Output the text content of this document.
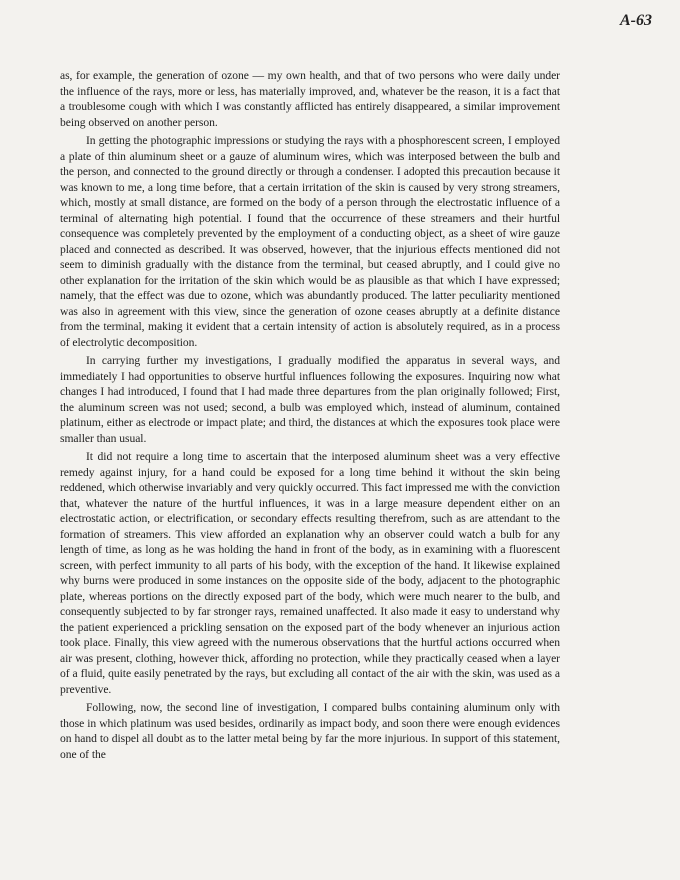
A-63

as, for example, the generation of ozone — my own health, and that of two persons who were daily under the influence of the rays, more or less, has materially improved, and, whatever be the reason, it is a fact that a troublesome cough with which I was constantly afflicted has entirely disappeared, a similar improvement being observed on another person.

In getting the photographic impressions or studying the rays with a phosphorescent screen, I employed a plate of thin aluminum sheet or a gauze of aluminum wires, which was interposed between the bulb and the person, and connected to the ground directly or through a condenser. I adopted this precaution because it was known to me, a long time before, that a certain irritation of the skin is caused by very strong streamers, which, mostly at small distance, are formed on the body of a person through the electrostatic influence of a terminal of alternating high potential. I found that the occurrence of these streamers and their hurtful consequence was completely prevented by the employment of a conducting object, as a sheet of wire gauze placed and connected as described. It was observed, however, that the injurious effects mentioned did not seem to diminish gradually with the distance from the terminal, but ceased abruptly, and I could give no other explanation for the irritation of the skin which would be as plausible as that which I have expressed; namely, that the effect was due to ozone, which was abundantly produced. The latter peculiarity mentioned was also in agreement with this view, since the generation of ozone ceases abruptly at a definite distance from the terminal, making it evident that a certain intensity of action is absolutely required, as in a process of electrolytic decomposition.

In carrying further my investigations, I gradually modified the apparatus in several ways, and immediately I had opportunities to observe hurtful influences following the exposures. Inquiring now what changes I had introduced, I found that I had made three departures from the plan originally followed; First, the aluminum screen was not used; second, a bulb was employed which, instead of aluminum, contained platinum, either as electrode or impact plate; and third, the distances at which the exposures took place were smaller than usual.

It did not require a long time to ascertain that the interposed aluminum sheet was a very effective remedy against injury, for a hand could be exposed for a long time behind it without the skin being reddened, which otherwise invariably and very quickly occurred. This fact impressed me with the conviction that, whatever the nature of the hurtful influences, it was in a large measure dependent either on an electrostatic action, or electrification, or secondary effects resulting therefrom, such as are attendant to the formation of streamers. This view afforded an explanation why an observer could watch a bulb for any length of time, as long as he was holding the hand in front of the body, as in examining with a fluorescent screen, with perfect immunity to all parts of his body, with the exception of the hand. It likewise explained why burns were produced in some instances on the opposite side of the body, adjacent to the photographic plate, whereas portions on the directly exposed part of the body, which were much nearer to the bulb, and consequently subjected to by far stronger rays, remained unaffected. It also made it easy to understand why the patient experienced a prickling sensation on the exposed part of the body whenever an injurious action took place. Finally, this view agreed with the numerous observations that the hurtful actions occurred when air was present, clothing, however thick, affording no protection, while they practically ceased when a layer of a fluid, quite easily penetrated by the rays, but excluding all contact of the air with the skin, was used as a preventive.

Following, now, the second line of investigation, I compared bulbs containing aluminum only with those in which platinum was used besides, ordinarily as impact body, and soon there were enough evidences on hand to dispel all doubt as to the latter metal being by far the more injurious. In support of this statement, one of the
